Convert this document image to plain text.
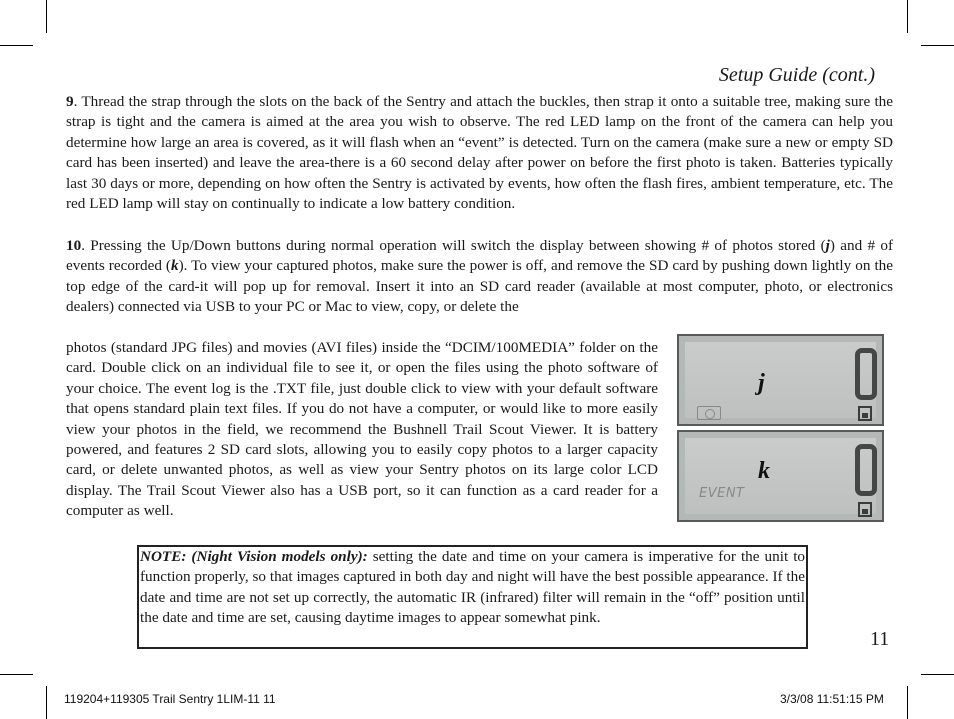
Setup Guide (cont.)

9. Thread the strap through the slots on the back of the Sentry and attach the buckles, then strap it onto a suitable tree, making sure the strap is tight and the camera is aimed at the area you wish to observe. The red LED lamp on the front of the camera can help you determine how large an area is covered, as it will flash when an “event” is detected. Turn on the camera (make sure a new or empty SD card has been inserted) and leave the area-there is a 60 second delay after power on before the first photo is taken. Batteries typically last 30 days or more, depending on how often the Sentry is activated by events, how often the flash fires, ambient temperature, etc. The red LED lamp will stay on continually to indicate a low battery condition.

10. Pressing the Up/Down buttons during normal operation will switch the display between showing # of photos stored (j) and # of events recorded (k). To view your captured photos, make sure the power is off, and remove the SD card by pushing down lightly on the top edge of the card-it will pop up for removal. Insert it into an SD card reader (available at most computer, photo, or electronics dealers) connected via USB to your PC or Mac to view, copy, or delete the

photos (standard JPG files) and movies (AVI files) inside the “DCIM/100MEDIA” folder on the card. Double click on an individual file to see it, or open the files using the photo software of your choice. The event log is the .TXT file, just double click to view with your default software that opens standard plain text files. If you do not have a computer, or would like to more easily view your photos in the field, we recommend the Bushnell Trail Scout Viewer. It is battery powered, and features 2 SD card slots, allowing you to easily copy photos to a larger capacity card, or delete unwanted photos, as well as view your Sentry photos on its large color LCD display. The Trail Scout Viewer also has a USB port, so it can function as a card reader for a computer as well.

j
k
EVENT

NOTE: (Night Vision models only): setting the date and time on your camera is imperative for the unit to function properly, so that images captured in both day and night will have the best possible appearance. If the date and time are not set up correctly, the automatic IR (infrared) filter will remain in the “off” position until the date and time are set, causing daytime images to appear somewhat pink.

11
119204+119305 Trail Sentry 1LIM-11 11	3/3/08 11:51:15 PM
